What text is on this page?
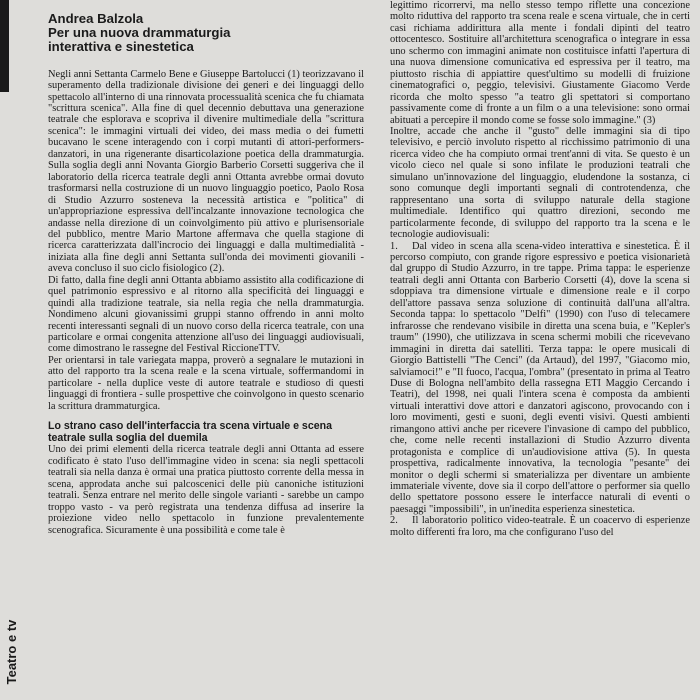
Teatro e tv
Andrea Balzola
Per una nuova drammaturgia
interattiva e sinestetica

Negli anni Settanta Carmelo Bene e Giuseppe Bartolucci (1) teorizzavano il superamento della tradizionale divisione dei generi e dei linguaggi dello spettacolo all'interno di una rinnovata processualità scenica che fu chiamata "scrittura scenica". Alla fine di quel decennio debuttava una generazione teatrale che esplorava e scopriva il divenire multimediale della "scrittura scenica": le immagini virtuali dei video, dei mass media o dei fumetti bucavano le scene interagendo con i corpi mutanti di attori-performers-danzatori, in una rigenerante disarticolazione poetica della drammaturgia. Sulla soglia degli anni Novanta Giorgio Barberio Corsetti suggeriva che il laboratorio della ricerca teatrale degli anni Ottanta avrebbe ormai dovuto trasformarsi nella costruzione di un nuovo linguaggio poetico, Paolo Rosa di Studio Azzurro sosteneva la necessità artistica e "politica" di un'appropriazione espressiva dell'incalzante innovazione tecnologica che andasse nella direzione di un coinvolgimento più attivo e plurisensoriale del pubblico, mentre Mario Martone affermava che quella stagione di ricerca caratterizzata dall'incrocio dei linguaggi e dalla multimedialità - iniziata alla fine degli anni Settanta sull'onda dei movimenti giovanili - aveva concluso il suo ciclo fisiologico (2).

Di fatto, dalla fine degli anni Ottanta abbiamo assistito alla codificazione di quel patrimonio espressivo e al ritorno alla specificità dei linguaggi e quindi alla tradizione teatrale, sia nella regia che nella drammaturgia. Nondimeno alcuni giovanissimi gruppi stanno offrendo in anni molto recenti interessanti segnali di un nuovo corso della ricerca teatrale, con una particolare e ormai congenita attenzione all'uso dei linguaggi audiovisuali, come dimostrano le rassegne del Festival RiccioneTTV.

Per orientarsi in tale variegata mappa, proverò a segnalare le mutazioni in atto del rapporto tra la scena reale e la scena virtuale, soffermandomi in particolare - nella duplice veste di autore teatrale e studioso di questi linguaggi di frontiera - sulle prospettive che coinvolgono in questo scenario la scrittura drammaturgica.

Lo strano caso dell'interfaccia tra scena virtuale e scena teatrale sulla soglia del duemila

Uno dei primi elementi della ricerca teatrale degli anni Ottanta ad essere codificato è stato l'uso dell'immagine video in scena: sia negli spettacoli teatrali sia nella danza è ormai una pratica piuttosto corrente della messa in scena, approdata anche sui palcoscenici delle più canoniche istituzioni teatrali. Senza entrare nel merito delle singole varianti - sarebbe un campo troppo vasto - va però registrata una tendenza diffusa ad inserire la proiezione video nello spettacolo in funzione prevalentemente scenografica. Sicuramente è una possibilità e come tale è

legittimo ricorrervi, ma nello stesso tempo riflette una concezione molto riduttiva del rapporto tra scena reale e scena virtuale, che in certi casi richiama addirittura alla mente i fondali dipinti del teatro ottocentesco. Sostituire all'architettura scenografica o integrare in essa uno schermo con immagini animate non costituisce infatti l'apertura di una nuova dimensione comunicativa ed espressiva per il teatro, ma piuttosto rischia di appiattire quest'ultimo su modelli di fruizione cinematografici o, peggio, televisivi. Giustamente Giacomo Verde ricorda che molto spesso "a teatro gli spettatori si comportano passivamente come di fronte a un film o a una televisione: sono ormai abituati a percepire il mondo come se fosse solo immagine." (3)

Inoltre, accade che anche il "gusto" delle immagini sia di tipo televisivo, e perciò involuto rispetto al ricchissimo patrimonio di una ricerca video che ha compiuto ormai trent'anni di vita. Se questo è un vicolo cieco nel quale si sono infilate le produzioni teatrali che simulano un'innovazione del linguaggio, eludendone la sostanza, ci sono comunque degli importanti segnali di controtendenza, che rappresentano una sorta di sviluppo naturale della stagione multimediale. Identifico qui quattro direzioni, secondo me particolarmente feconde, di sviluppo del rapporto tra la scena e le tecnologie audiovisuali:

1. Dal video in scena alla scena-video interattiva e sinestetica. È il percorso compiuto, con grande rigore espressivo e poetica visionarietà dal gruppo di Studio Azzurro, in tre tappe. Prima tappa: le esperienze teatrali degli anni Ottanta con Barberio Corsetti (4), dove la scena si sdoppiava tra dimensione virtuale e dimensione reale e il corpo dell'attore passava senza soluzione di continuità dall'una all'altra. Seconda tappa: lo spettacolo "Delfi" (1990) con l'uso di telecamere infrarosse che rendevano visibile in diretta una scena buia, e "Kepler's traum" (1990), che utilizzava in scena schermi mobili che ricevevano immagini in diretta dai satelliti. Terza tappa: le opere musicali di Giorgio Battistelli "The Cenci" (da Artaud), del 1997, "Giacomo mio, salviamoci!" e "Il fuoco, l'acqua, l'ombra" (presentato in prima al Teatro Duse di Bologna nell'ambito della rassegna ETI Maggio Cercando i Teatri), del 1998, nei quali l'intera scena è composta da ambienti virtuali interattivi dove attori e danzatori agiscono, provocando con i loro movimenti, gesti e suoni, degli eventi visivi. Questi ambienti rimangono attivi anche per ricevere l'invasione di campo del pubblico, che, come nelle recenti installazioni di Studio Azzurro diventa protagonista e complice di un'audiovisione attiva (5). In questa prospettiva, radicalmente innovativa, la tecnologia "pesante" dei monitor o degli schermi si smaterializza per diventare un ambiente immateriale vivente, dove sia il corpo dell'attore o performer sia quello dello spettatore possono essere le interfacce naturali di eventi o paesaggi "impossibili", in un'inedita esperienza sinestetica.

2. Il laboratorio politico video-teatrale. È un coacervo di esperienze molto differenti fra loro, ma che configurano l'uso del
